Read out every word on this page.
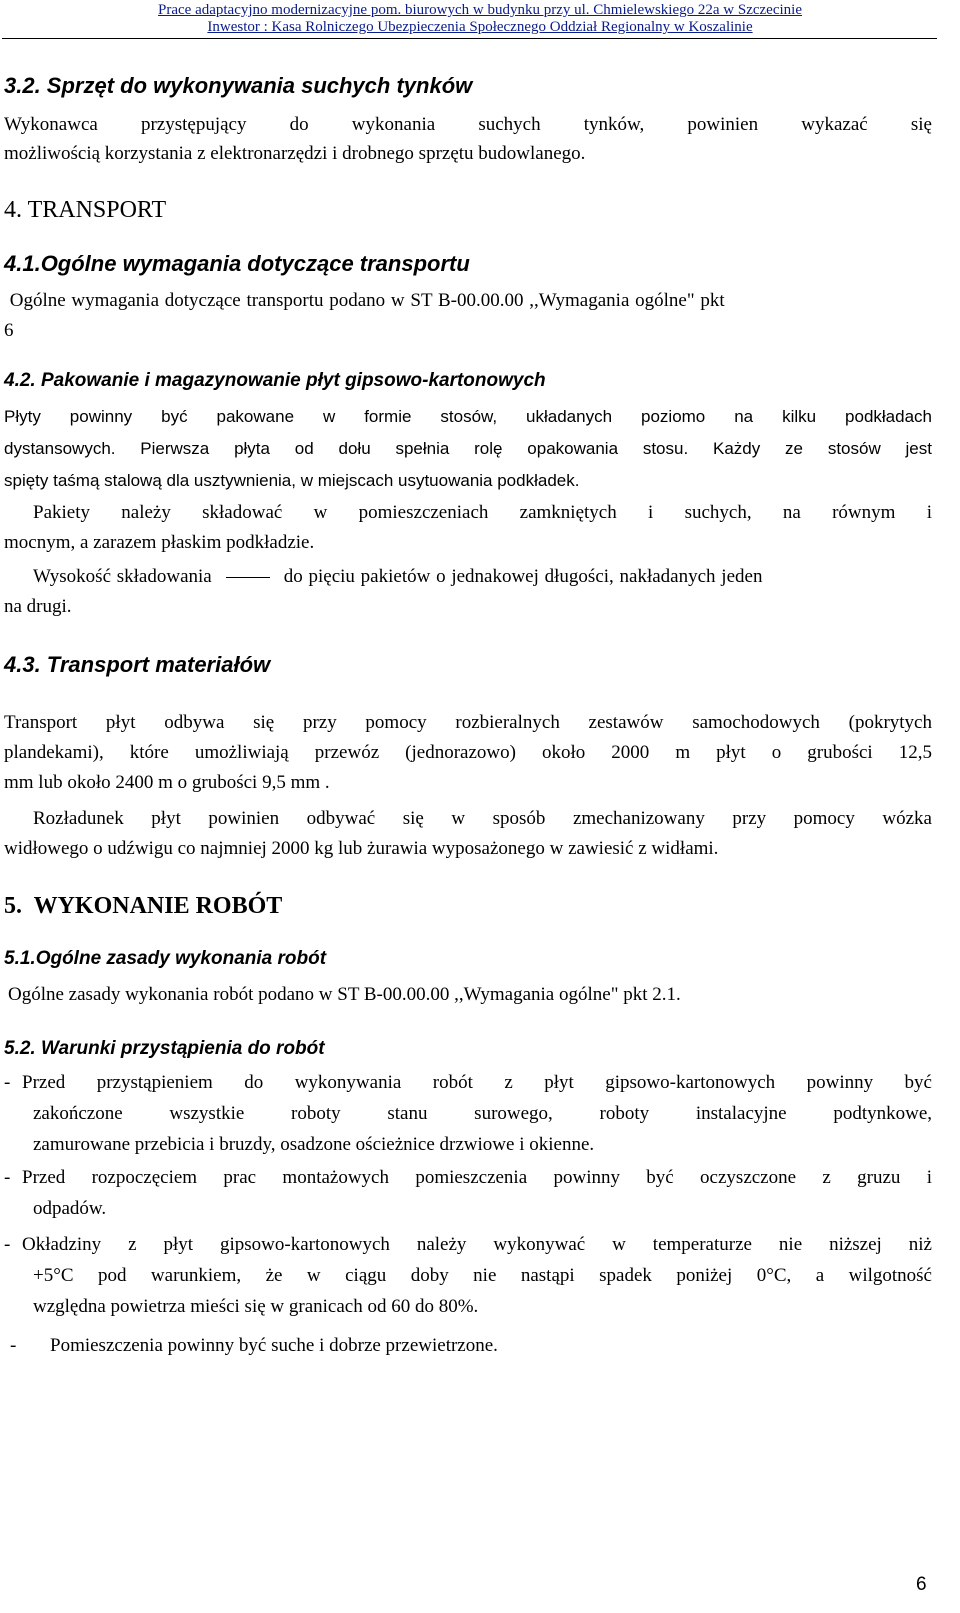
Prace adaptacyjno modernizacyjne pom. biurowych w budynku przy ul. Chmielewskiego 22a w Szczecinie
Inwestor : Kasa Rolniczego Ubezpieczenia Społecznego Oddział Regionalny w Koszalinie
3.2. Sprzęt do wykonywania suchych tynków
Wykonawca przystępujący do wykonania suchych tynków, powinien wykazać się
możliwością korzystania z elektronarzędzi i drobnego sprzętu budowlanego.
4. TRANSPORT
4.1.Ogólne wymagania dotyczące transportu
Ogólne wymagania dotyczące transportu podano w ST B-00.00.00 ,,Wymagania ogólne" pkt
6
4.2. Pakowanie i magazynowanie płyt gipsowo-kartonowych
Płyty powinny być pakowane w formie stosów, układanych poziomo na kilku podkładach
dystansowych. Pierwsza płyta od dołu spełnia rolę opakowania stosu. Każdy ze stosów jest
spięty taśmą stalową dla usztywnienia, w miejscach usytuowania podkładek.
Pakiety należy składować w pomieszczeniach zamkniętych i suchych, na równym i
mocnym, a zarazem płaskim podkładzie.
Wysokość składowania	do pięciu pakietów o jednakowej długości, nakładanych jeden
na drugi.
4.3. Transport materiałów
Transport płyt odbywa się przy pomocy rozbieralnych zestawów samochodowych (pokrytych
plandekami), które umożliwiają przewóz (jednorazowo) około 2000 m płyt o grubości 12,5
mm lub około 2400 m o grubości 9,5 mm .
Rozładunek płyt powinien odbywać się w sposób zmechanizowany przy pomocy wózka
widłowego o udźwigu co najmniej 2000 kg lub żurawia wyposażonego w zawiesić z widłami.
5.  WYKONANIE ROBÓT
5.1.Ogólne zasady wykonania robót
Ogólne zasady wykonania robót podano w ST B-00.00.00 ,,Wymagania ogólne" pkt 2.1.
5.2. Warunki przystąpienia do robót
- Przed przystąpieniem do wykonywania robót z płyt gipsowo-kartonowych powinny być
zakończone wszystkie roboty stanu surowego, roboty instalacyjne podtynkowe,
zamurowane przebicia i bruzdy, osadzone ościeżnice drzwiowe i okienne.
- Przed rozpoczęciem prac montażowych pomieszczenia powinny być oczyszczone z gruzu i
odpadów.
- Okładziny z płyt gipsowo-kartonowych należy wykonywać w temperaturze nie niższej niż
+5°C pod warunkiem, że w ciągu doby nie nastąpi spadek poniżej 0°C, a wilgotność
względna powietrza mieści się w granicach od 60 do 80%.
- Pomieszczenia powinny być suche i dobrze przewietrzone.
6
